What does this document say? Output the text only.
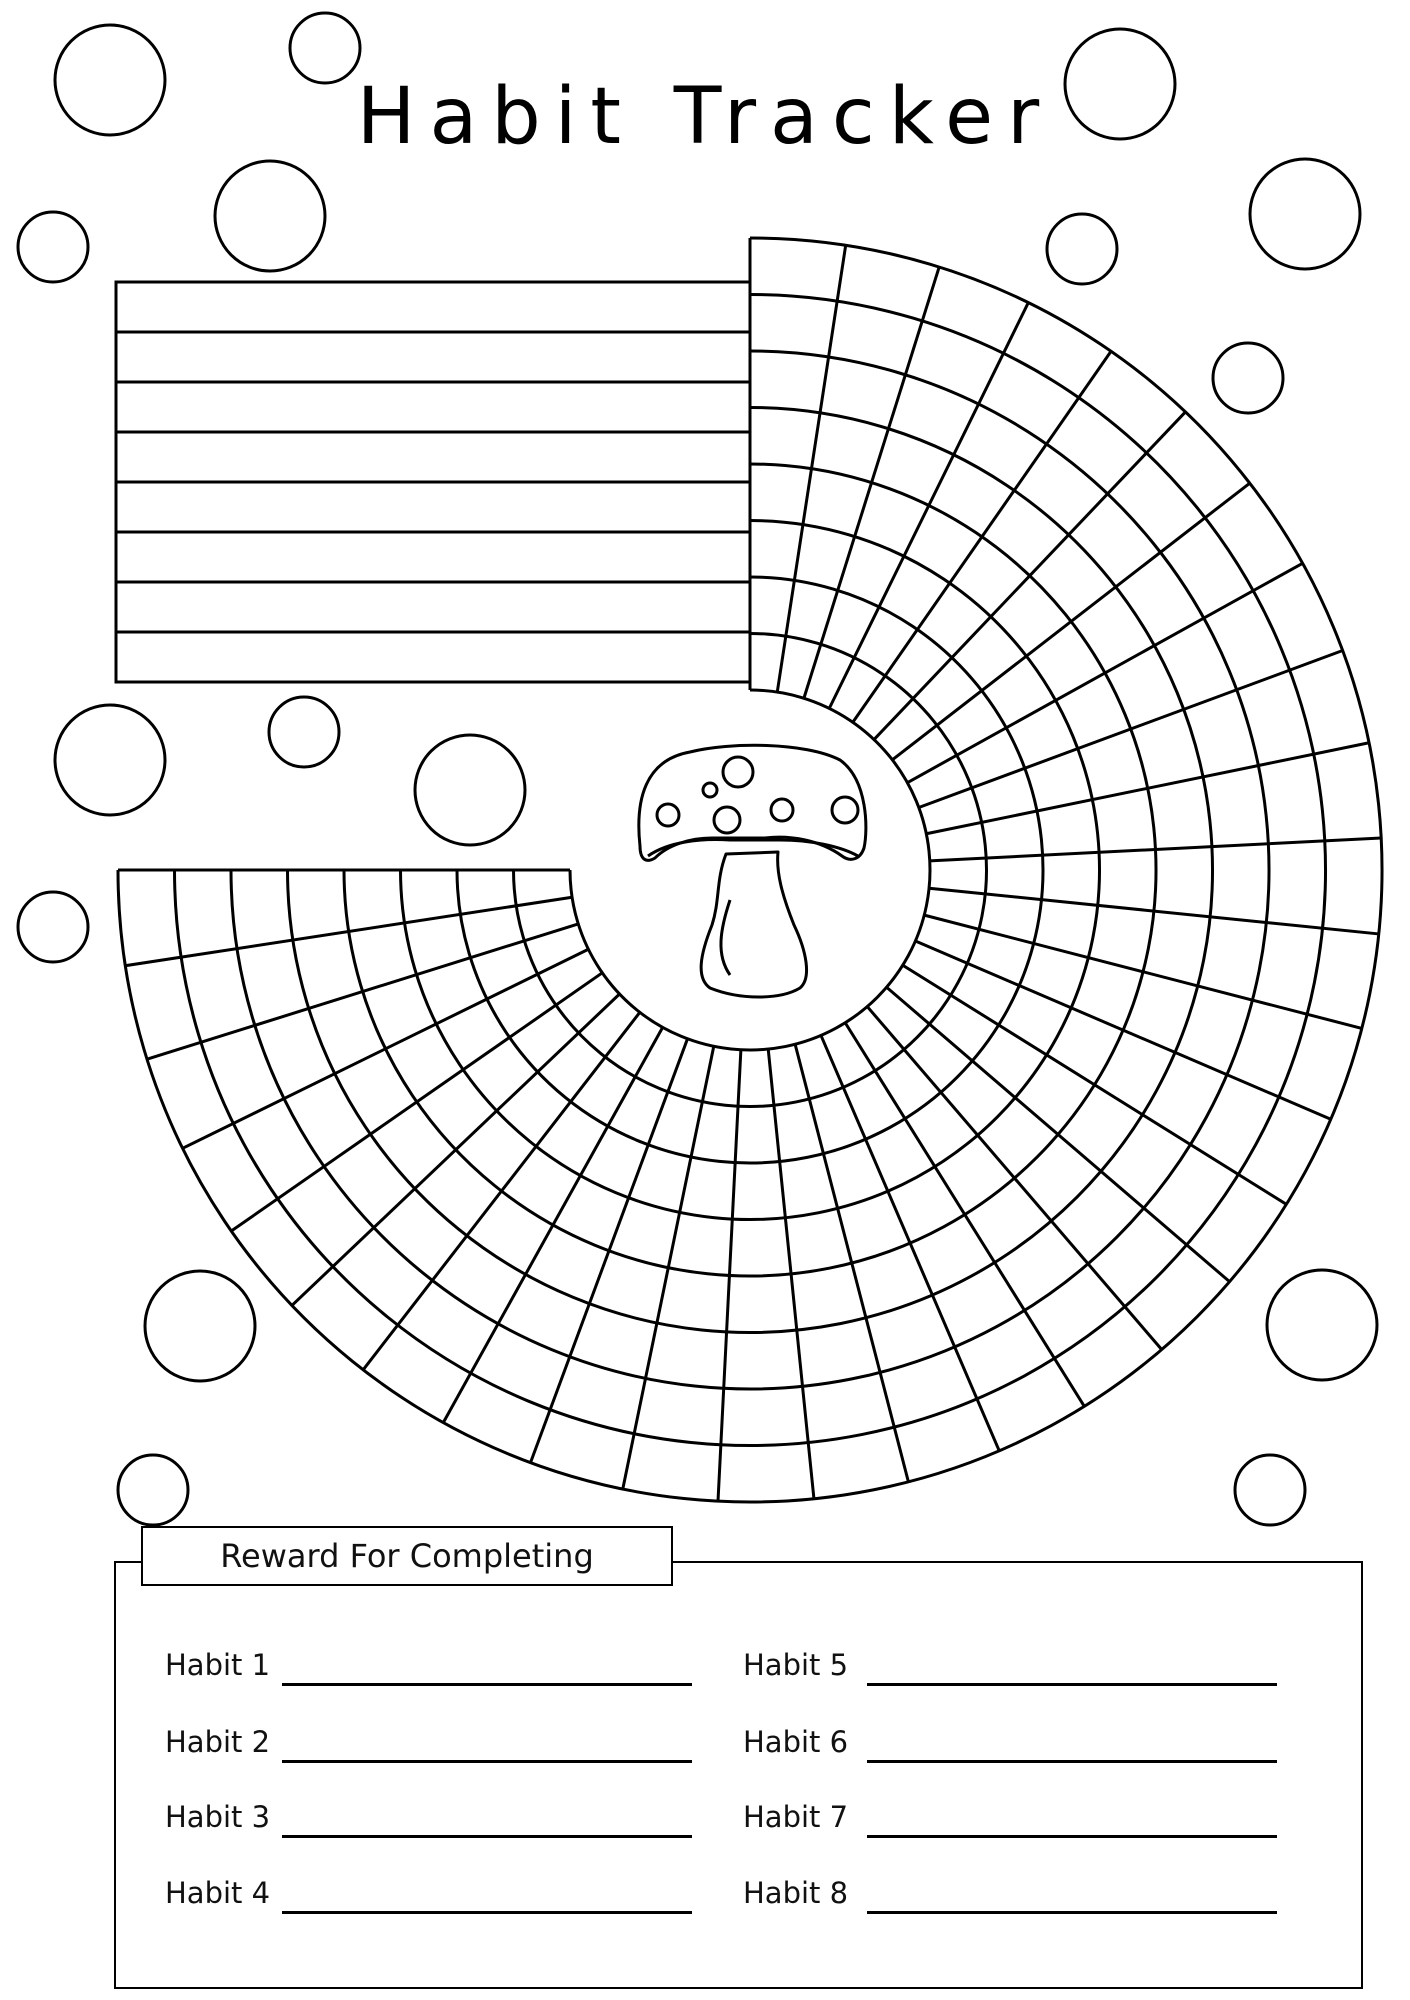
Habit Tracker
Reward For Completing
Habit 1
Habit 2
Habit 3
Habit 4
Habit 5
Habit 6
Habit 7
Habit 8
